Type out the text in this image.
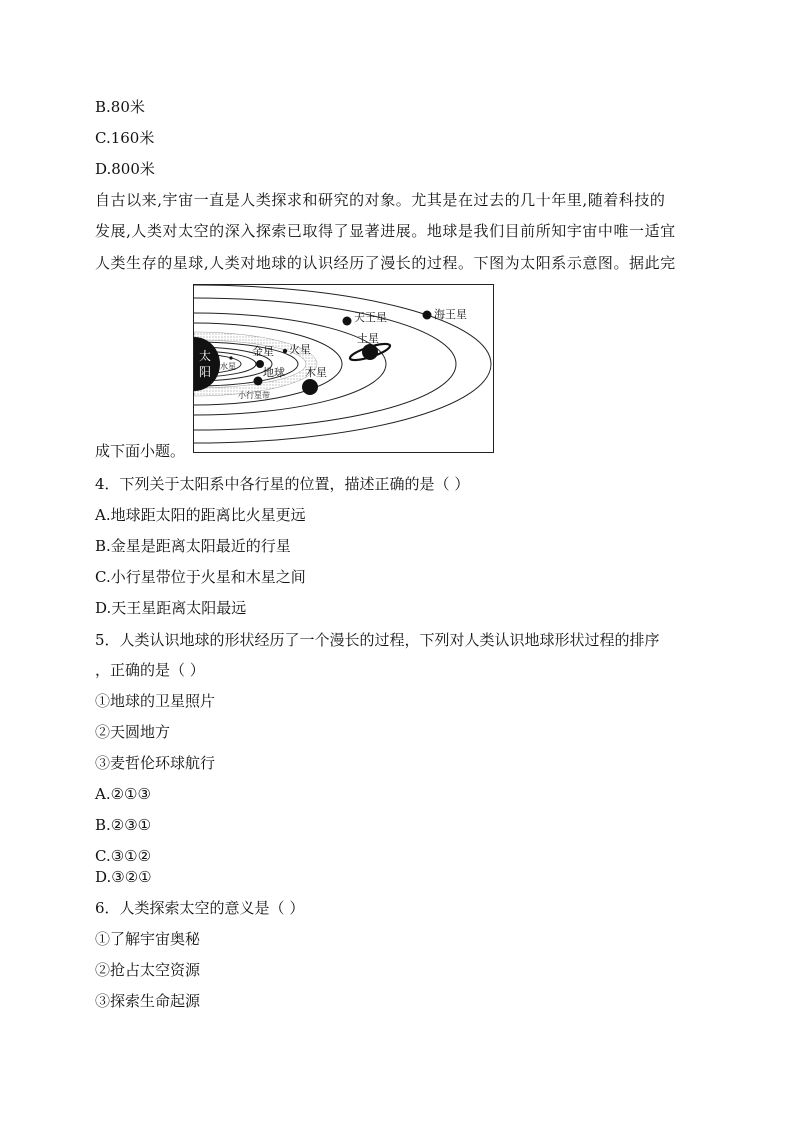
B.80米
C.160米
D.800米
自古以来,宇宙一直是人类探求和研究的对象。尤其是在过去的几十年里,随着科技的
发展,人类对太空的深入探索已取得了显著进展。地球是我们目前所知宇宙中唯一适宜
人类生存的星球,人类对地球的认识经历了漫长的过程。下图为太阳系示意图。据此完
成下面小题。
太
阳 水星
金星
地球
火星
小行星带
木星
土星
天王星	海王星
4．下列关于太阳系中各行星的位置，描述正确的是（ ）
A.地球距太阳的距离比火星更远
B.金星是距离太阳最近的行星
C.小行星带位于火星和木星之间
D.天王星距离太阳最远
5．人类认识地球的形状经历了一个漫长的过程，下列对人类认识地球形状过程的排序
，正确的是（ ）
①地球的卫星照片
②天圆地方
③麦哲伦环球航行
A.②①③
B.②③①
C.③①②
D.③②①
6．人类探索太空的意义是（ ）
①了解宇宙奥秘
②抢占太空资源
③探索生命起源
